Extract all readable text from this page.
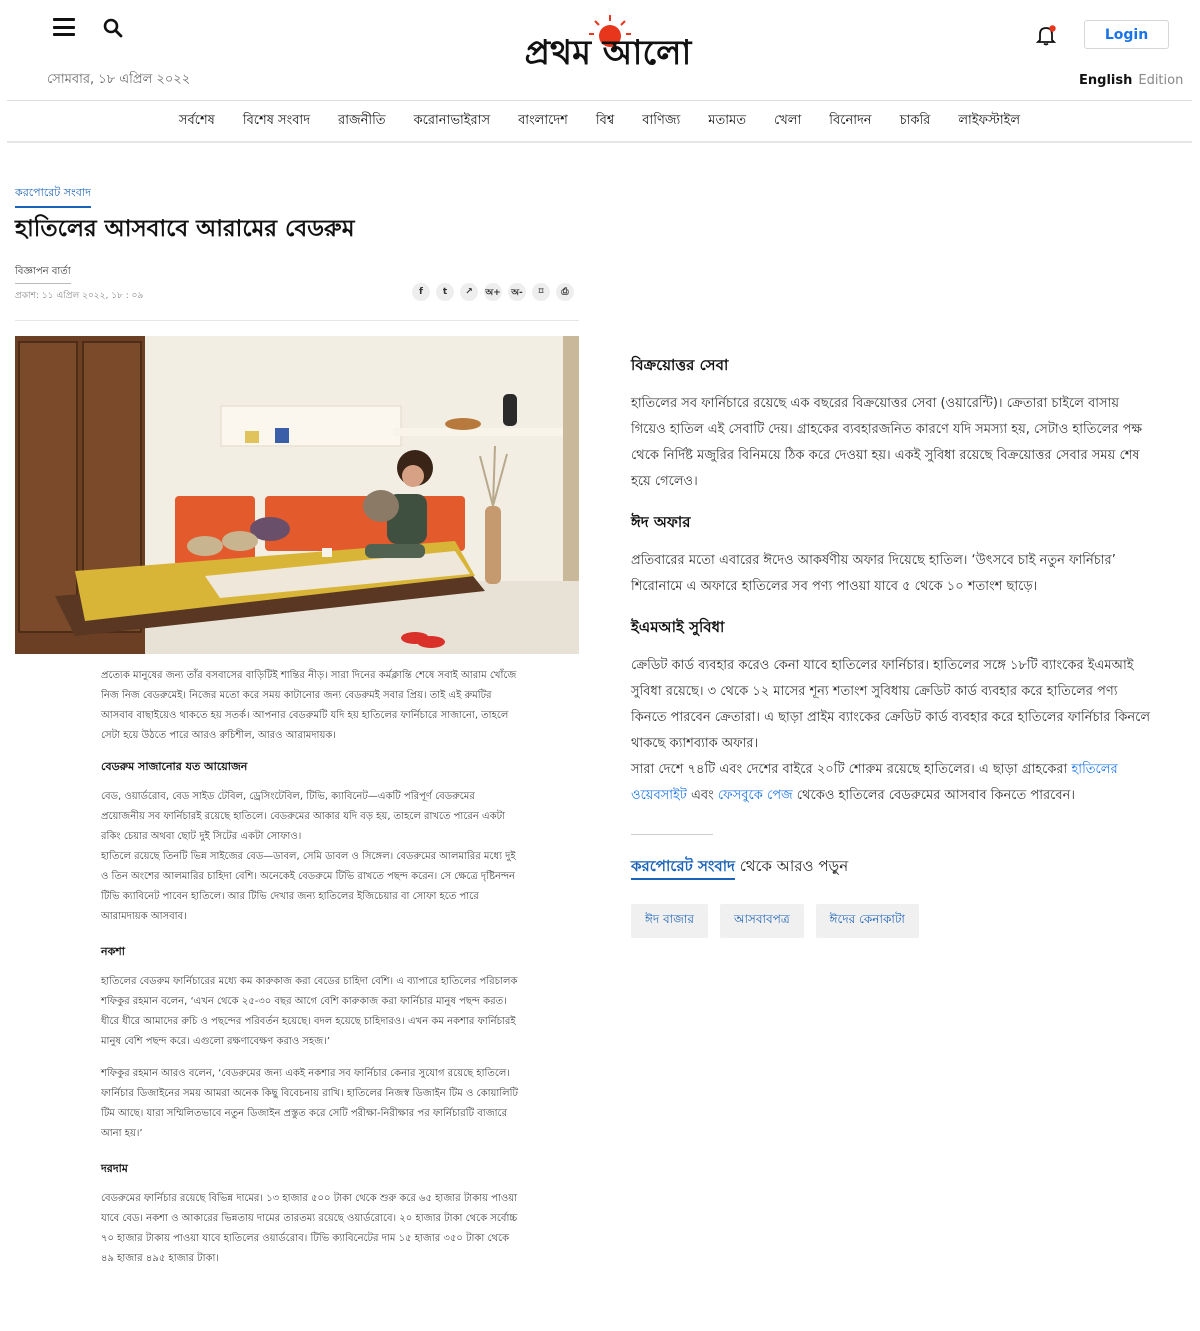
সোমবার, ১৮ এপ্রিল ২০২২
প্রথম আলো	Login
English Edition
সর্বশেষ	বিশেষ সংবাদ	রাজনীতি	করোনাভাইরাস	বাংলাদেশ	বিশ্ব	বাণিজ্য	মতামত	খেলা	বিনোদন	চাকরি	লাইফস্টাইল
করপোরেট সংবাদ
হাতিলের আসবাবে আরামের বেডরুম
বিজ্ঞাপন বার্তা
প্রকাশ: ১১ এপ্রিল ২০২২, ১৮ : ০৯	f	t	↗	অ+	অ-	⌑	⎙

প্রত্যেক মানুষের জন্য তাঁর বসবাসের বাড়িটিই শান্তির নীড়। সারা দিনের কর্মক্লান্তি শেষে সবাই আরাম খোঁজে নিজ নিজ বেডরুমেই। নিজের মতো করে সময় কাটানোর জন্য বেডরুমই সবার প্রিয়। তাই এই রুমটির আসবাব বাছাইয়েও থাকতে হয় সতর্ক। আপনার বেডরুমটি যদি হয় হাতিলের ফার্নিচারে সাজানো, তাহলে সেটা হয়ে উঠতে পারে আরও রুচিশীল, আরও আরামদায়ক।

বেডরুম সাজানোর যত আয়োজন

বেড, ওয়ার্ডরোব, বেড সাইড টেবিল, ড্রেসিংটেবিল, টিভি, ক্যাবিনেট—একটি পরিপূর্ণ বেডরুমের প্রয়োজনীয় সব ফার্নিচারই রয়েছে হাতিলে। বেডরুমের আকার যদি বড় হয়, তাহলে রাখতে পারেন একটা রকিং চেয়ার অথবা ছোট দুই সিটের একটা সোফাও।

হাতিলে রয়েছে তিনটি ভিন্ন সাইজের বেড—ডাবল, সেমি ডাবল ও সিঙ্গেল। বেডরুমের আলমারির মধ্যে দুই ও তিন অংশের আলমারির চাহিদা বেশি। অনেকেই বেডরুমে টিভি রাখতে পছন্দ করেন। সে ক্ষেত্রে দৃষ্টিনন্দন টিভি ক্যাবিনেট পাবেন হাতিলে। আর টিভি দেখার জন্য হাতিলের ইজিচেয়ার বা সোফা হতে পারে আরামদায়ক আসবাব।

নকশা

হাতিলের বেডরুম ফার্নিচারের মধ্যে কম কারুকাজ করা বেডের চাহিদা বেশি। এ ব্যাপারে হাতিলের পরিচালক শফিকুর রহমান বলেন, ‘এখন থেকে ২৫-৩০ বছর আগে বেশি কারুকাজ করা ফার্নিচার মানুষ পছন্দ করত। ধীরে ধীরে আমাদের রুচি ও পছন্দের পরিবর্তন হয়েছে। বদল হয়েছে চাহিদারও। এখন কম নকশার ফার্নিচারই মানুষ বেশি পছন্দ করে। এগুলো রক্ষণাবেক্ষণ করাও সহজ।’

শফিকুর রহমান আরও বলেন, ‘বেডরুমের জন্য একই নকশার সব ফার্নিচার কেনার সুযোগ রয়েছে হাতিলে। ফার্নিচার ডিজাইনের সময় আমরা অনেক কিছু বিবেচনায় রাখি। হাতিলের নিজস্ব ডিজাইন টিম ও কোয়ালিটি টিম আছে। যারা সম্মিলিতভাবে নতুন ডিজাইন প্রস্তুত করে সেটি পরীক্ষা-নিরীক্ষার পর ফার্নিচারটি বাজারে আনা হয়।’

দরদাম

বেডরুমের ফার্নিচার রয়েছে বিভিন্ন দামের। ১৩ হাজার ৫০০ টাকা থেকে শুরু করে ৬৫ হাজার টাকায় পাওয়া যাবে বেড। নকশা ও আকারের ভিন্নতায় দামের তারতম্য রয়েছে ওয়ার্ডরোবে। ২০ হাজার টাকা থেকে সর্বোচ্চ ৭০ হাজার টাকায় পাওয়া যাবে হাতিলের ওয়ার্ডরোব। টিভি ক্যাবিনেটের দাম ১৫ হাজার ৩৫০ টাকা থেকে ৪৯ হাজার ৪৯৫ হাজার টাকা।

বিক্রয়োত্তর সেবা

হাতিলের সব ফার্নিচারে রয়েছে এক বছরের বিক্রয়োত্তর সেবা (ওয়ারেন্টি)। ক্রেতারা চাইলে বাসায় গিয়েও হাতিল এই সেবাটি দেয়। গ্রাহকের ব্যবহারজনিত কারণে যদি সমস্যা হয়, সেটাও হাতিলের পক্ষ থেকে নির্দিষ্ট মজুরির বিনিময়ে ঠিক করে দেওয়া হয়। একই সুবিধা রয়েছে বিক্রয়োত্তর সেবার সময় শেষ হয়ে গেলেও।

ঈদ অফার

প্রতিবারের মতো এবারের ঈদেও আকর্ষণীয় অফার দিয়েছে হাতিল। ‘উৎসবে চাই নতুন ফার্নিচার’ শিরোনামে এ অফারে হাতিলের সব পণ্য পাওয়া যাবে ৫ থেকে ১০ শতাংশ ছাড়ে।

ইএমআই সুবিধা

ক্রেডিট কার্ড ব্যবহার করেও কেনা যাবে হাতিলের ফার্নিচার। হাতিলের সঙ্গে ১৮টি ব্যাংকের ইএমআই সুবিধা রয়েছে। ৩ থেকে ১২ মাসের শূন্য শতাংশ সুবিধায় ক্রেডিট কার্ড ব্যবহার করে হাতিলের পণ্য কিনতে পারবেন ক্রেতারা। এ ছাড়া প্রাইম ব্যাংকের ক্রেডিট কার্ড ব্যবহার করে হাতিলের ফার্নিচার কিনলে থাকছে ক্যাশব্যাক অফার।

সারা দেশে ৭৪টি এবং দেশের বাইরে ২০টি শোরুম রয়েছে হাতিলের। এ ছাড়া গ্রাহকেরা হাতিলের ওয়েবসাইট এবং ফেসবুকে পেজ থেকেও হাতিলের বেডরুমের আসবাব কিনতে পারবেন।

করপোরেট সংবাদ থেকে আরও পড়ুন
ঈদ বাজার	আসবাবপত্র	ঈদের কেনাকাটা
